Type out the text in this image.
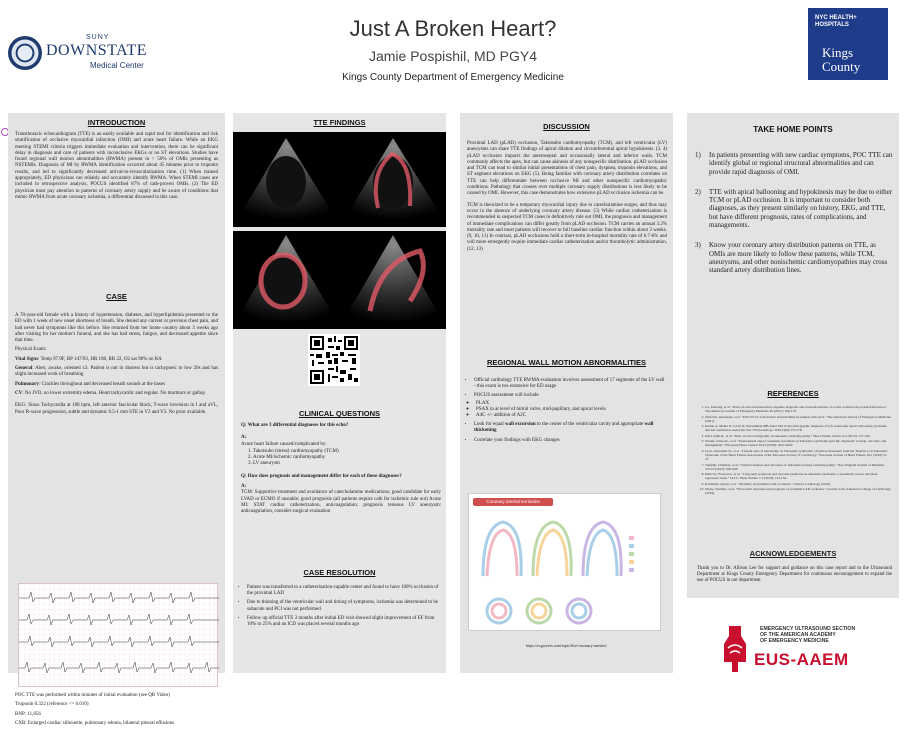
SUNY
DOWNSTATE
Medical Center
Just A Broken Heart?
Jamie Pospishil, MD PGY4
Kings County Department of Emergency Medicine
NYC HEALTH+ HOSPITALS
Kings
County
INTRODUCTION
Transthoracic echocardiogram (TTE) is an easily available and rapid tool for identification and risk stratification of occlusive myocardial infarction (OMI) and acute heart failure. While an EKG meeting STEMI criteria triggers immediate evaluation and intervention, there can be significant delay in diagnosis and care of patients with inconclusive EKGs or no ST elevations. Studies have found regional wall motion abnormalities (RWMA) present in > 50% of OMIs presenting as NSTEMIs. Diagnosis of MI by RWMA identification occurred about 45 minutes prior to troponin results, and led to significantly decreased arrival-to-revascularization time. (1) When trained appropriately, ED physicians can reliably and accurately identify RWMA. When STEMI cases are included in retrospective analysis, POCUS identified 87% of cath-proven OMIs. (2) The ED physician must pay attention to patterns of coronary artery supply and be aware of conditions that mimic RWMA from acute coronary ischemia, a differential discussed in this case.
CASE

A 70-year-old female with a history of hypertension, diabetes, and hyperlipidemia presented to the ED with 1 week of new onset shortness of breath. She denied any current or previous chest pain, and had never had symptoms like this before. She returned from her home country about 3 weeks ago after visiting for her mother's funeral, and she has had stress, fatigue, and decreased appetite since that time.

Physical Exam:

Vital Signs: Temp 97.9F, BP 147/93, HR 108, RR 22, O2 sat 98% on RA

General: Alert, awake, oriented x3. Patient is not in distress but is tachypneic to low 20s and has slight increased work of breathing

Pulmonary: Crackles throughout and decreased breath sounds at the bases

CV: No JVD, no lower extremity edema. Heart tachycardic and regular. No murmurs or gallop

EKG: Sinus Tachycardia at 108 bpm, left anterior fascicular block, T-wave inversion in I and aVL, Poor R-wave progression, subtle and dynamic 0.5-1 mm STE in V2 and V3. No prior available.

POC TTE was performed within minutes of initial evaluation (see QR Video)

Troponin 0.322 (reference <= 0.010)

BNP: 11,856

CXR: Enlarged cardiac silhouette, pulmonary edema, bilateral pleural effusions

TTE FINDINGS
CLINICAL QUESTIONS

Q: What are 3 differential diagnoses for this echo?

A:

Acute heart failure caused/complicated by:

1. Takotsubo (stress) cardiomyopathy (TCM)
2. Acute MI/ischemic cardiomyopathy
3. LV aneurysm

Q: How does prognosis and management differ for each of these diagnoses?

A:

TCM: Supportive treatment and avoidance of catecholamine medications; good candidate for early LVAD or ECMO if unstable; good prognosis (all patients require cath for ischemic rule out) Acute MI: STAT cardiac catheterization, anticoagulation; prognosis tenuous LV aneurysm: anticoagulation, consider surgical evaluation

CASE RESOLUTION
• Patient was transferred to a catheterization-capable center and found to have 100% occlusion of the proximal LAD
• Due to thinning of the ventricular wall and timing of symptoms, ischemia was determined to be subacute and PCI was not performed
• Follow up official TTE 3 months after initial ED visit showed slight improvement of EF from 10% to 25% and an ICD was placed several months ago
DISCUSSION

Proximal LAD (pLAD) occlusion, Takotsubo cardiomyopathy (TCM), and left ventricular (LV) aneurysms can share TTE findings of apical dilation and circumferential apical hypokinesis. (3, 4) pLAD occlusion impacts the anteroseptal and occasionally lateral and inferior walls. TCM commonly affects the apex, but can cause akinesis of any nonspecific distribution. pLAD occlusion and TCM can lead to similar initial presentations of chest pain, dyspnea, troponin elevations, and ST segment elevations on EKG (5). Being familiar with coronary artery distribution correlates on TTE can help differentiate between occlusive MI and other nonspecific cardiomyopathic conditions. Pathology that crosses over multiple coronary supply distributions is less likely to be caused by OMI. However, this case demonstrates how extensive pLAD occlusion ischemia can be.

TCM is theorized to be a temporary myocardial injury due to catecholamine surges, and thus may occur in the absence of underlying coronary artery disease. (5) While cardiac catheterization is recommended in suspected TCM cases to definitively rule out OMI, the prognosis and management of immediate complications can differ greatly from pLAD occlusion. TCM carries an annual 3.2% mortality rate and most patients will recover to full baseline cardiac function within about 3 weeks. (9, 10, 11) In contrast, pLAD occlusions hold a short-term in-hospital mortality rate of 6.7-8% and will more emergently require immediate cardiac catheterization and/or thrombolytic administration. (12, 13)

REGIONAL WALL MOTION ABNORMALITIES
• Official cardiology TTE RWMA evaluation involves assessment of 17 segments of the LV wall - this exam is too extensive for ED usage
• POCUS assessment will include
◦ PLAX
◦ PSAX in at level of mitral valve, mid-papillary, and apical levels
◦ A4C +/- addition of A2C
• Look for equal wall excursion to the center of the ventricular cavity and appropriate wall thickening
• Correlate your findings with EKG changes
Coronary arterial territories
https://ecgwaves.com/topic/five-coronary-arteries/
TAKE HOME POINTS
1) In patients presenting with new cardiac symptoms, POC TTE can identify global or regional structural abnormalities and can provide rapid diagnosis of OMI.
2) TTE with apical ballooning and hypokinesis may be due to either TCM or pLAD occlusion. It is important to consider both diagnoses, as they present similarly on history, EKG, and TTE, but have different prognosis, rates of complications, and managements.
3) Know your coronary artery distribution patterns on TTE, as OMIs are more likely to follow these patterns, while TCM, aneurysms, and other nonischemic cardiomyopathies may cross standard artery distribution lines.
REFERENCES
1. Lu, Xuefang, et al. "Point-of-care ultrasound may expedite diagnosis and revascularization of occult occlusive myocardial infarction." The American Journal of Emergency Medicine 46 (2021): 166-170.
2. Zitzevitz, Alexander, et al. "POCUS for wall motion abnormalities in patients with ACS." The American Journal of Emergency Medicine (2021).
3. Kumar A, Mehta N, Lorch D, Narasimhan MB, Patel SM. Echocardiographic diagnosis of left ventricular apical ballooning syndrome and left ventricular aneurysm. Eur J Echocardiogr. 2016;19(6):573-578.
4. Patel, Amit R., et al. "Role of echocardiography in takotsubo cardiomyopathy." Heart Failure Clinics 9.2 (2013): 157-166.
5. Ghadri, Jelena R., et al. "International expert consensus document on Takotsubo syndrome (part II): diagnostic workup, outcome, and management." European Heart Journal 39.22 (2018): 2047-2062.
6. Lyon, Alexander R., et al. "Current state of knowledge on Takotsubo syndrome: a Position Statement from the Taskforce on Takotsubo Syndrome of the Heart Failure Association of the European Society of Cardiology." European Journal of Heart Failure 18.1 (2016): 8-27.
7. Templin, Christian, et al. "Clinical features and outcomes of Takotsubo (stress) cardiomyopathy." New England Journal of Medicine 373.10 (2015): 929-938.
8. Pelliccia, Francesco, et al. "Long-term prognosis and outcome predictors in takotsubo syndrome: a systematic review and meta-regression study." JACC: Heart Failure 7.2 (2019): 143-154.
9. Karabulut, Aysun, et al. "Mortality in proximal LAD occlusion." Clinical Cardiology (2019).
10. Moïse, Nathalie, et al. "Short-term outcomes and prognosis of proximal LAD occlusion." Journal of the American College of Cardiology (2019).
ACKNOWLEDGEMENTS
Thank you to Dr. Allison Lee for support and guidance on this case report and to the Ultrasound Department at Kings County Emergency Department for continuous encouragement to expand the use of POCUS in our department.
EMERGENCY ULTRASOUND SECTION
OF THE AMERICAN ACADEMY
OF EMERGENCY MEDICINE
EUS-AAEM
